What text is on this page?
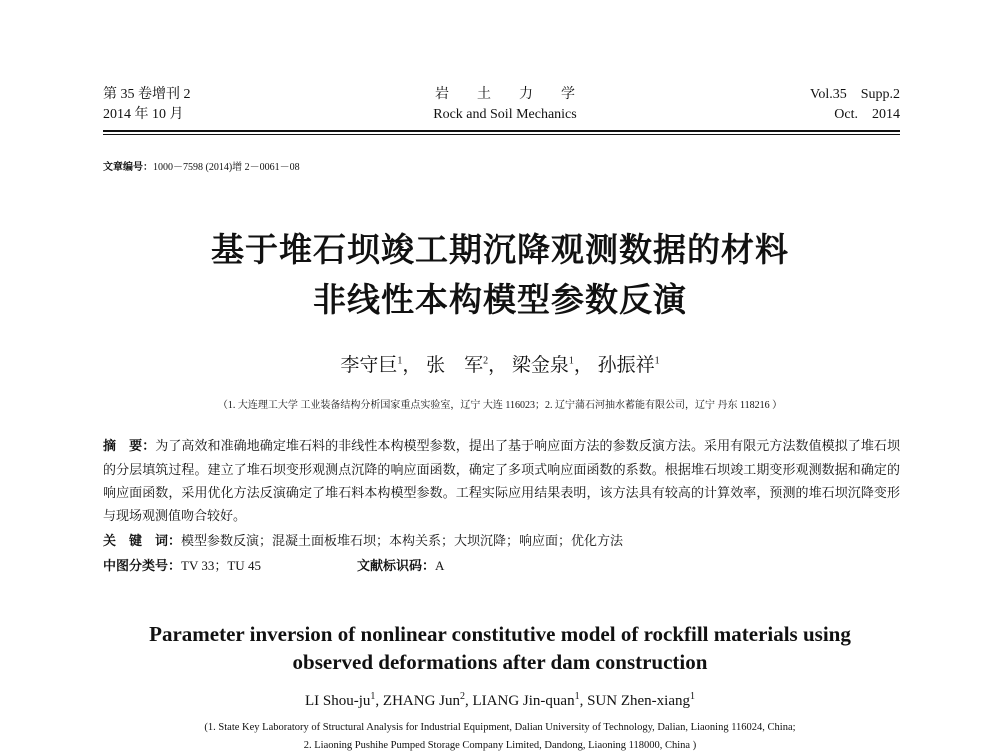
第 35 卷增刊 2
2014 年 10 月
岩　　土　　力　　学
Rock and Soil Mechanics
Vol.35　Supp.2
Oct.　2014
文章编号：1000－7598 (2014)增 2－0061－08
基于堆石坝竣工期沉降观测数据的材料
非线性本构模型参数反演
李守巨$^1$， 张　军$^2$， 梁金泉$^1$， 孙振祥$^1$
（1. 大连理工大学 工业装备结构分析国家重点实验室，辽宁 大连 116023；2. 辽宁蒲石河抽水蓄能有限公司，辽宁 丹东 118216 ）
摘　要：为了高效和准确地确定堆石料的非线性本构模型参数，提出了基于响应面方法的参数反演方法。采用有限元方法数值模拟了堆石坝的分层填筑过程。建立了堆石坝变形观测点沉降的响应面函数，确定了多项式响应面函数的系数。根据堆石坝竣工期变形观测数据和确定的响应面函数，采用优化方法反演确定了堆石料本构模型参数。工程实际应用结果表明，该方法具有较高的计算效率，预测的堆石坝沉降变形与现场观测值吻合较好。
关　键　词：模型参数反演；混凝土面板堆石坝；本构关系；大坝沉降；响应面；优化方法
中图分类号：TV 33；TU 45	文献标识码：A
Parameter inversion of nonlinear constitutive model of rockfill materials using
observed deformations after dam construction
LI Shou-$ju^1$, ZHANG Jun$^2$, LIANG Jin-quan$^1$, SUN Zhen-xiang$^1$
(1. State Key Laboratory of Structural Analysis for Industrial Equipment, Dalian University of Technology, Dalian, Liaoning 116024, China;
2. Liaoning Pushihe Pumped Storage Company Limited, Dandong, Liaoning 118000, China )
